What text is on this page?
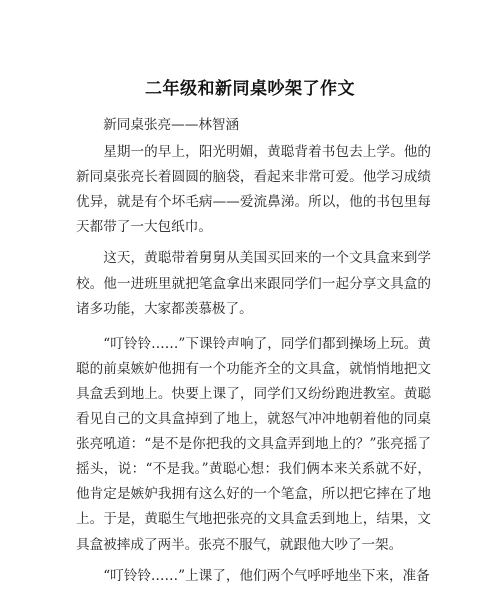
二年级和新同桌吵架了作文

新同桌张亮——林智涵

星期一的早上，阳光明媚，黄聪背着书包去上学。他的新同桌张亮长着圆圆的脑袋，看起来非常可爱。他学习成绩优异，就是有个坏毛病——爱流鼻涕。所以，他的书包里每天都带了一大包纸巾。

这天，黄聪带着舅舅从美国买回来的一个文具盒来到学校。他一进班里就把笔盒拿出来跟同学们一起分享文具盒的诸多功能，大家都羡慕极了。

“叮铃铃……”下课铃声响了，同学们都到操场上玩。黄聪的前桌嫉妒他拥有一个功能齐全的文具盒，就悄悄地把文具盒丢到地上。快要上课了，同学们又纷纷跑进教室。黄聪看见自己的文具盒掉到了地上，就怒气冲冲地朝着他的同桌张亮吼道：“是不是你把我的文具盒弄到地上的？”张亮摇了摇头，说：“不是我。”黄聪心想：我们俩本来关系就不好，他肯定是嫉妒我拥有这么好的一个笔盒，所以把它摔在了地上。于是，黄聪生气地把张亮的文具盒丢到地上，结果，文具盒被摔成了两半。张亮不服气，就跟他大吵了一架。

“叮铃铃……”上课了，他们两个气呼呼地坐下来，准备
